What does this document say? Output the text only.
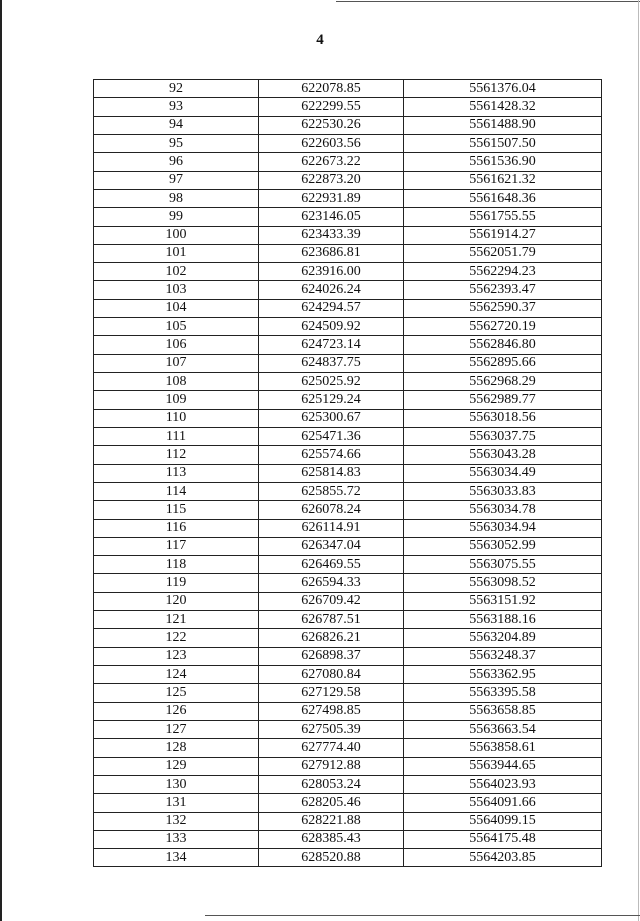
4
92	622078.85	5561376.04
93	622299.55	5561428.32
94	622530.26	5561488.90
95	622603.56	5561507.50
96	622673.22	5561536.90
97	622873.20	5561621.32
98	622931.89	5561648.36
99	623146.05	5561755.55
100	623433.39	5561914.27
101	623686.81	5562051.79
102	623916.00	5562294.23
103	624026.24	5562393.47
104	624294.57	5562590.37
105	624509.92	5562720.19
106	624723.14	5562846.80
107	624837.75	5562895.66
108	625025.92	5562968.29
109	625129.24	5562989.77
110	625300.67	5563018.56
111	625471.36	5563037.75
112	625574.66	5563043.28
113	625814.83	5563034.49
114	625855.72	5563033.83
115	626078.24	5563034.78
116	626114.91	5563034.94
117	626347.04	5563052.99
118	626469.55	5563075.55
119	626594.33	5563098.52
120	626709.42	5563151.92
121	626787.51	5563188.16
122	626826.21	5563204.89
123	626898.37	5563248.37
124	627080.84	5563362.95
125	627129.58	5563395.58
126	627498.85	5563658.85
127	627505.39	5563663.54
128	627774.40	5563858.61
129	627912.88	5563944.65
130	628053.24	5564023.93
131	628205.46	5564091.66
132	628221.88	5564099.15
133	628385.43	5564175.48
134	628520.88	5564203.85
